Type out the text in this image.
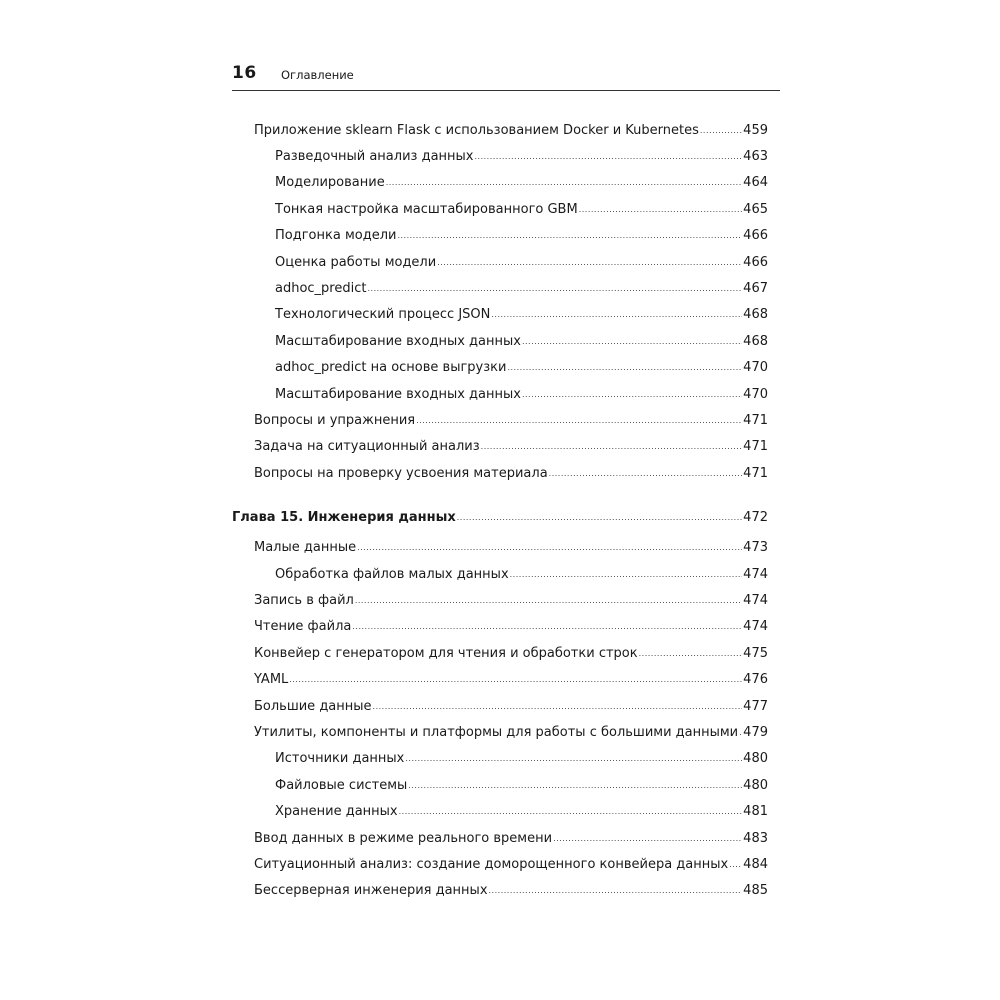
16 Оглавление
Приложение sklearn Flask с использованием Docker и Kubernetes .....	459
Разведочный анализ данных .....	463
Моделирование .....	464
Тонкая настройка масштабированного GBM .....	465
Подгонка модели .....	466
Оценка работы модели .....	466
adhoc_predict .....	467
Технологический процесс JSON .....	468
Масштабирование входных данных .....	468
adhoc_predict на основе выгрузки .....	470
Масштабирование входных данных .....	470
Вопросы и упражнения .....	471
Задача на ситуационный анализ .....	471
Вопросы на проверку усвоения материала .....	471
Глава 15. Инженерия данных .....	472
Малые данные .....	473
Обработка файлов малых данных .....	474
Запись в файл .....	474
Чтение файла .....	474
Конвейер с генератором для чтения и обработки строк .....	475
YAML .....	476
Большие данные .....	477
Утилиты, компоненты и платформы для работы с большими данными ..... 479
Источники данных .....	480
Файловые системы .....	480
Хранение данных .....	481
Ввод данных в режиме реального времени .....	483
Ситуационный анализ: создание доморощенного конвейера данных ..... 484
Бессерверная инженерия данных .....	485
